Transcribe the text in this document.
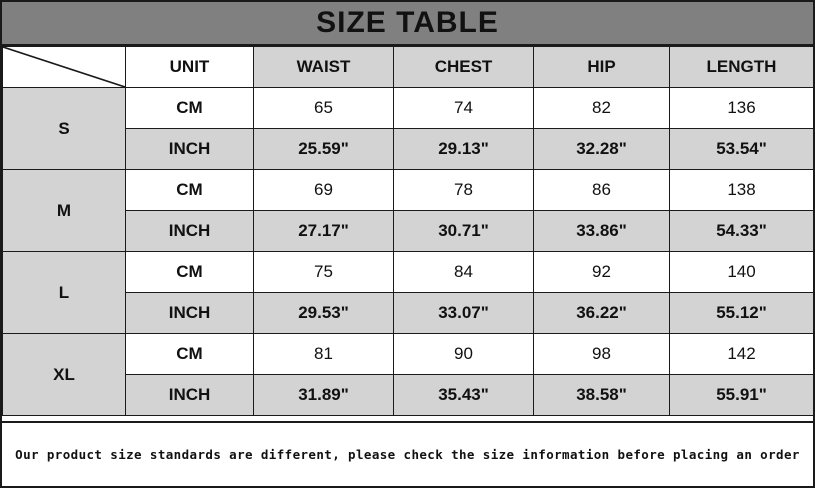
SIZE TABLE
	UNIT	WAIST	CHEST	HIP	LENGTH
S	CM	65	74	82	136
	INCH	25.59"	29.13"	32.28"	53.54"
M	CM	69	78	86	138
	INCH	27.17"	30.71"	33.86"	54.33"
L	CM	75	84	92	140
	INCH	29.53"	33.07"	36.22"	55.12"
XL	CM	81	90	98	142
	INCH	31.89"	35.43"	38.58"	55.91"
Our product size standards are different, please check the size information before placing an order
